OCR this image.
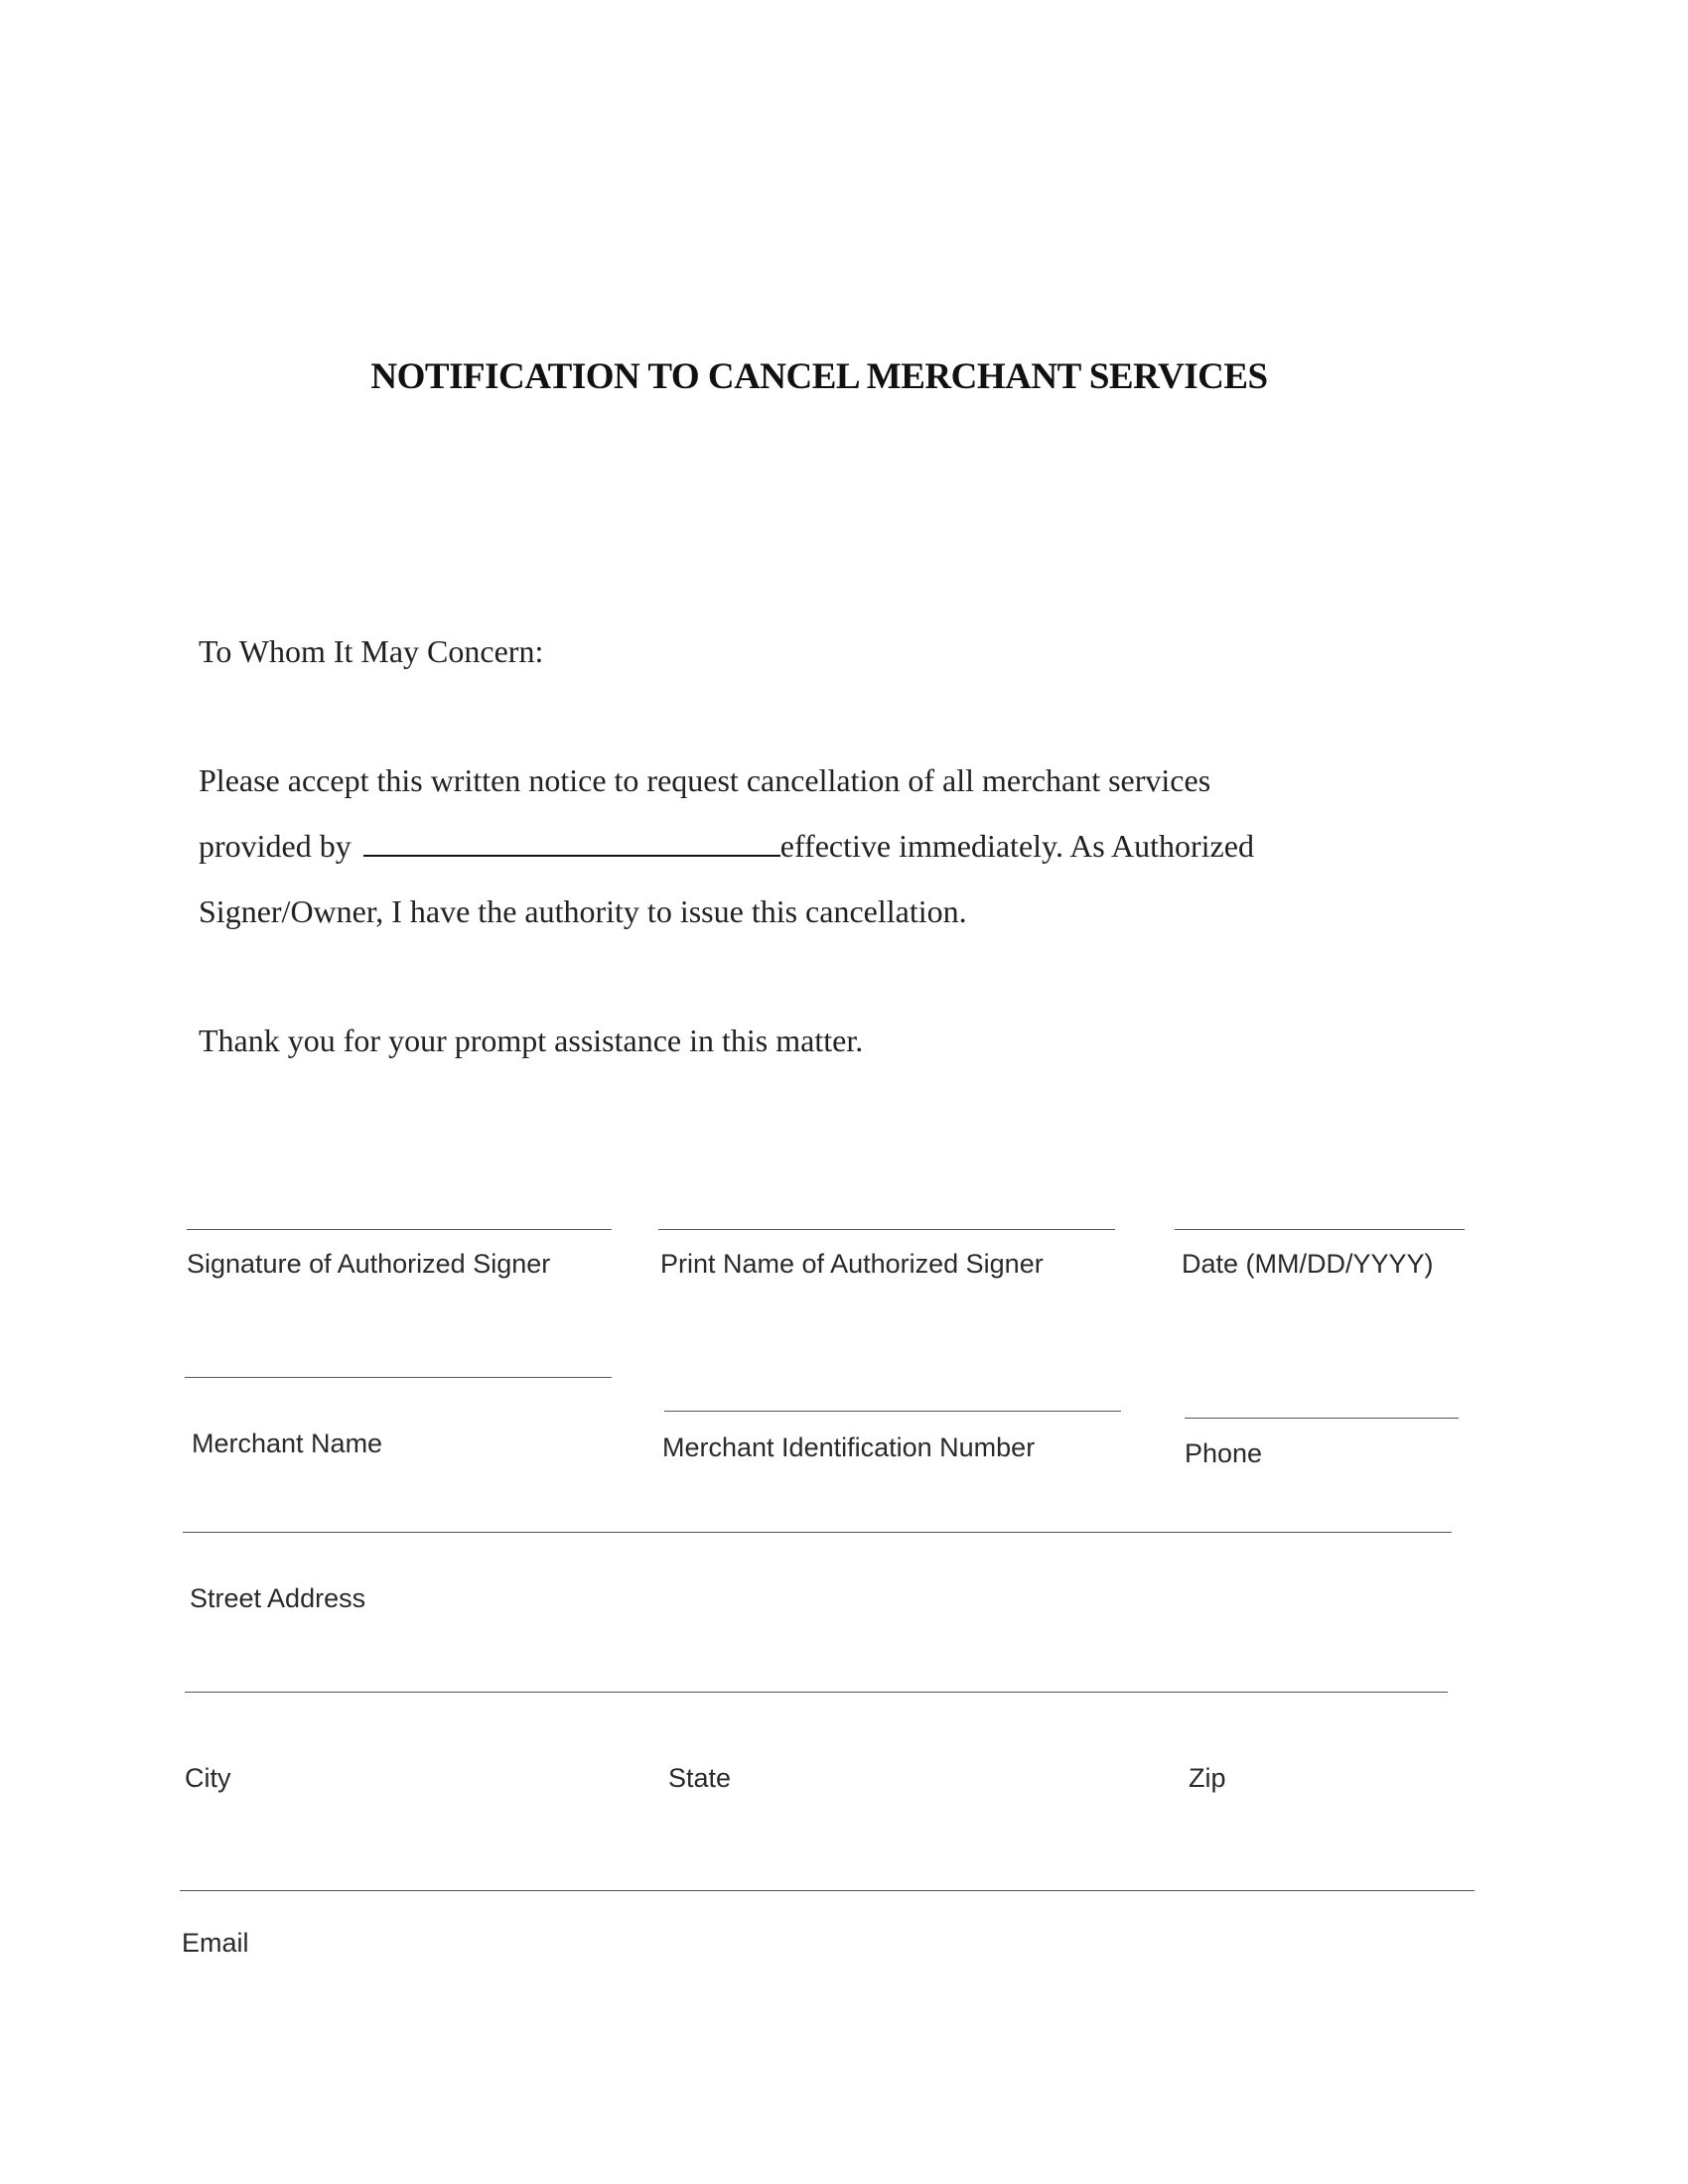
NOTIFICATION TO CANCEL MERCHANT SERVICES
To Whom It May Concern:
Please accept this written notice to request cancellation of all merchant services
provided by	effective immediately. As Authorized
Signer/Owner, I have the authority to issue this cancellation.
Thank you for your prompt assistance in this matter.
Signature of Authorized Signer	Print Name of Authorized Signer	Date (MM/DD/YYYY)
Merchant Name	Merchant Identification Number	Phone
Street Address
City	State	Zip
Email
